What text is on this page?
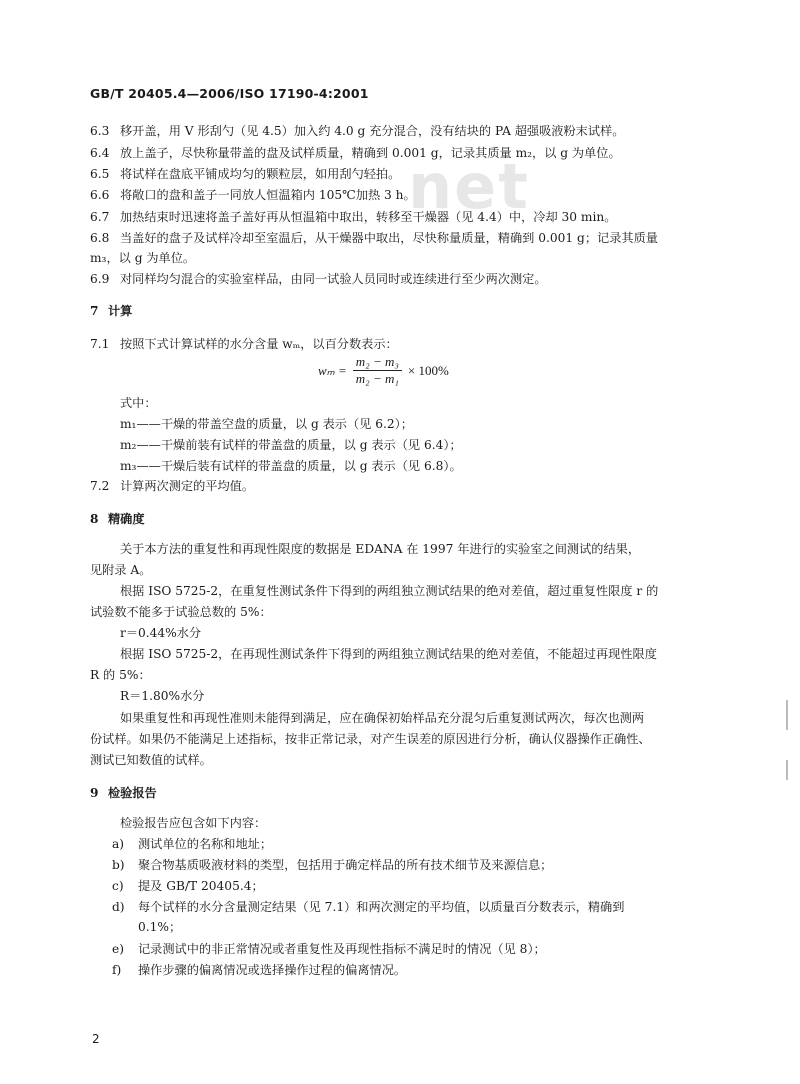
GB/T 20405.4—2006/ISO 17190-4:2001
net
6.3 移开盖，用 V 形刮勺（见 4.5）加入约 4.0 g 充分混合，没有结块的 PA 超强吸液粉末试样。
6.4 放上盖子，尽快称量带盖的盘及试样质量，精确到 0.001 g，记录其质量 m₂，以 g 为单位。
6.5 将试样在盘底平铺成均匀的颗粒层，如用刮勺轻拍。
6.6 将敞口的盘和盖子一同放人恒温箱内 105℃加热 3 h。
6.7 加热结束时迅速将盖子盖好再从恒温箱中取出，转移至干燥器（见 4.4）中，冷却 30 min。
6.8 当盖好的盘子及试样冷却至室温后，从干燥器中取出，尽快称量质量，精确到 0.001 g；记录其质量
m₃，以 g 为单位。
6.9 对同样均匀混合的实验室样品，由同一试验人员同时或连续进行至少两次测定。
7 计算
7.1 按照下式计算试样的水分含量 wₘ，以百分数表示：
$w_m = \frac{\text{m₂ − m₃}}{\text{m₂ − m₁}} \times 100\%$
式中：
m₁——干燥的带盖空盘的质量，以 g 表示（见 6.2）；
m₂——干燥前装有试样的带盖盘的质量，以 g 表示（见 6.4）；
m₃——干燥后装有试样的带盖盘的质量，以 g 表示（见 6.8）。
7.2 计算两次测定的平均值。
8 精确度
关于本方法的重复性和再现性限度的数据是 EDANA 在 1997 年进行的实验室之间测试的结果，
见附录 A。
根据 ISO 5725-2，在重复性测试条件下得到的两组独立测试结果的绝对差值，超过重复性限度 r 的
试验数不能多于试验总数的 5%：
r＝0.44%水分
根据 ISO 5725-2，在再现性测试条件下得到的两组独立测试结果的绝对差值，不能超过再现性限度
R 的 5%：
R＝1.80%水分
如果重复性和再现性准则未能得到满足，应在确保初始样品充分混匀后重复测试两次，每次也测两
份试样。如果仍不能满足上述指标，按非正常记录，对产生误差的原因进行分析，确认仪器操作正确性、
测试已知数值的试样。
9 检验报告
检验报告应包含如下内容：
a)	测试单位的名称和地址；
b)	聚合物基质吸液材料的类型，包括用于确定样品的所有技术细节及来源信息；
c)	提及 GB/T 20405.4；
d)	每个试样的水分含量测定结果（见 7.1）和两次测定的平均值，以质量百分数表示，精确到
0.1%；
e)	记录测试中的非正常情况或者重复性及再现性指标不满足时的情况（见 8）；
f)	操作步骤的偏离情况或选择操作过程的偏离情况。
2
